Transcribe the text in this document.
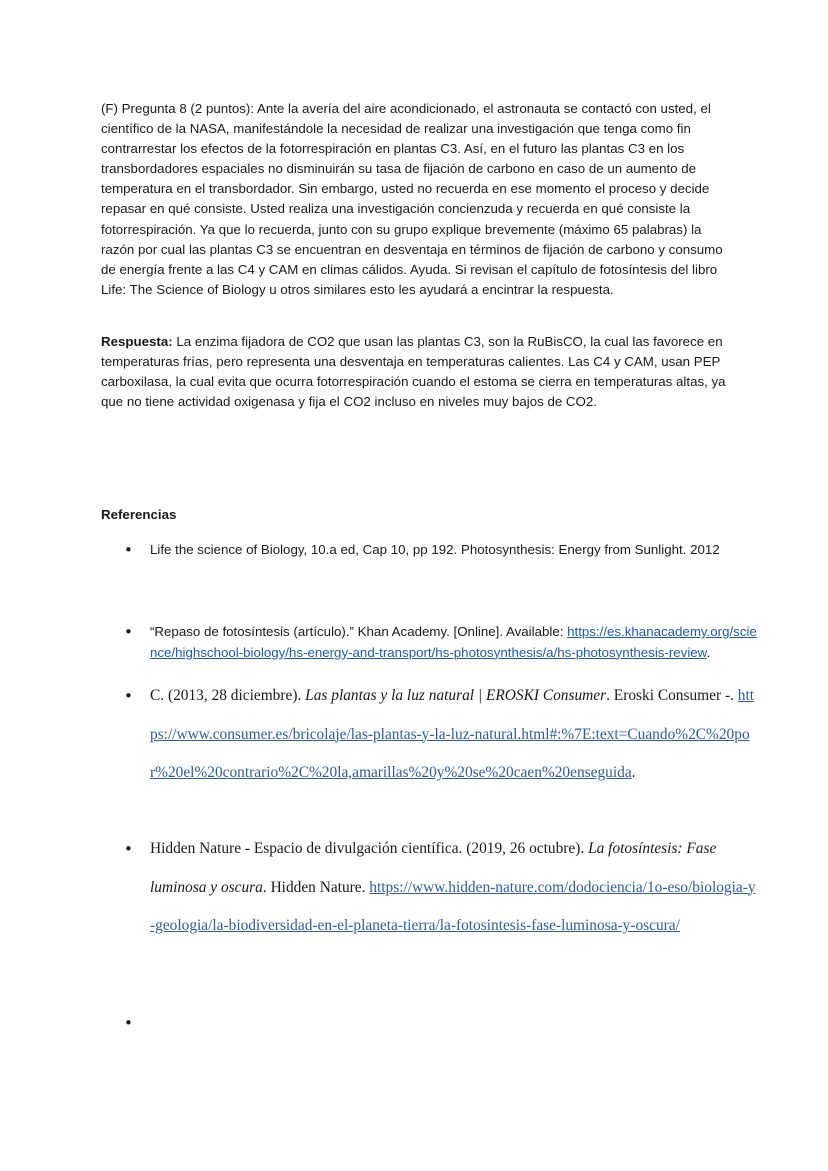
(F) Pregunta 8 (2 puntos): Ante la avería del aire acondicionado, el astronauta se contactó con usted, el científico de la NASA, manifestándole la necesidad de realizar una investigación que tenga como fin contrarrestar los efectos de la fotorrespiración en plantas C3. Así, en el futuro las plantas C3 en los transbordadores espaciales no disminuirán su tasa de fijación de carbono en caso de un aumento de temperatura en el transbordador. Sin embargo, usted no recuerda en ese momento el proceso y decide repasar en qué consiste. Usted realiza una investigación concienzuda y recuerda en qué consiste la fotorrespiración. Ya que lo recuerda, junto con su grupo explique brevemente (máximo 65 palabras) la razón por cual las plantas C3 se encuentran en desventaja en términos de fijación de carbono y consumo de energía frente a las C4 y CAM en climas cálidos. Ayuda. Si revisan el capítulo de fotosíntesis del libro Life: The Science of Biology u otros similares esto les ayudará a encintrar la respuesta.

Respuesta: La enzima fijadora de CO2 que usan las plantas C3, son la RuBisCO, la cual las favorece en temperaturas frías, pero representa una desventaja en temperaturas calientes. Las C4 y CAM, usan PEP carboxilasa, la cual evita que ocurra fotorrespiración cuando el estoma se cierra en temperaturas altas, ya que no tiene actividad oxigenasa y fija el CO2 incluso en niveles muy bajos de CO2.

Referencias
• Life the science of Biology, 10.a ed, Cap 10, pp 192. Photosynthesis: Energy from Sunlight. 2012
• “Repaso de fotosíntesis (artículo).” Khan Academy. [Online]. Available: https://es.khanacademy.org/science/highschool-biology/hs-energy-and-transport/hs-photosynthesis/a/hs-photosynthesis-review.
• C. (2013, 28 diciembre). Las plantas y la luz natural | EROSKI Consumer. Eroski Consumer -. https://www.consumer.es/bricolaje/las-plantas-y-la-luz-natural.html#:%7E:text=Cuando%2C%20por%20el%20contrario%2C%20la,amarillas%20y%20se%20caen%20enseguida.
• Hidden Nature - Espacio de divulgación científica. (2019, 26 octubre). La fotosíntesis: Fase luminosa y oscura. Hidden Nature. https://www.hidden-nature.com/dodociencia/1o-eso/biologia-y-geologia/la-biodiversidad-en-el-planeta-tierra/la-fotosintesis-fase-luminosa-y-oscura/
•
